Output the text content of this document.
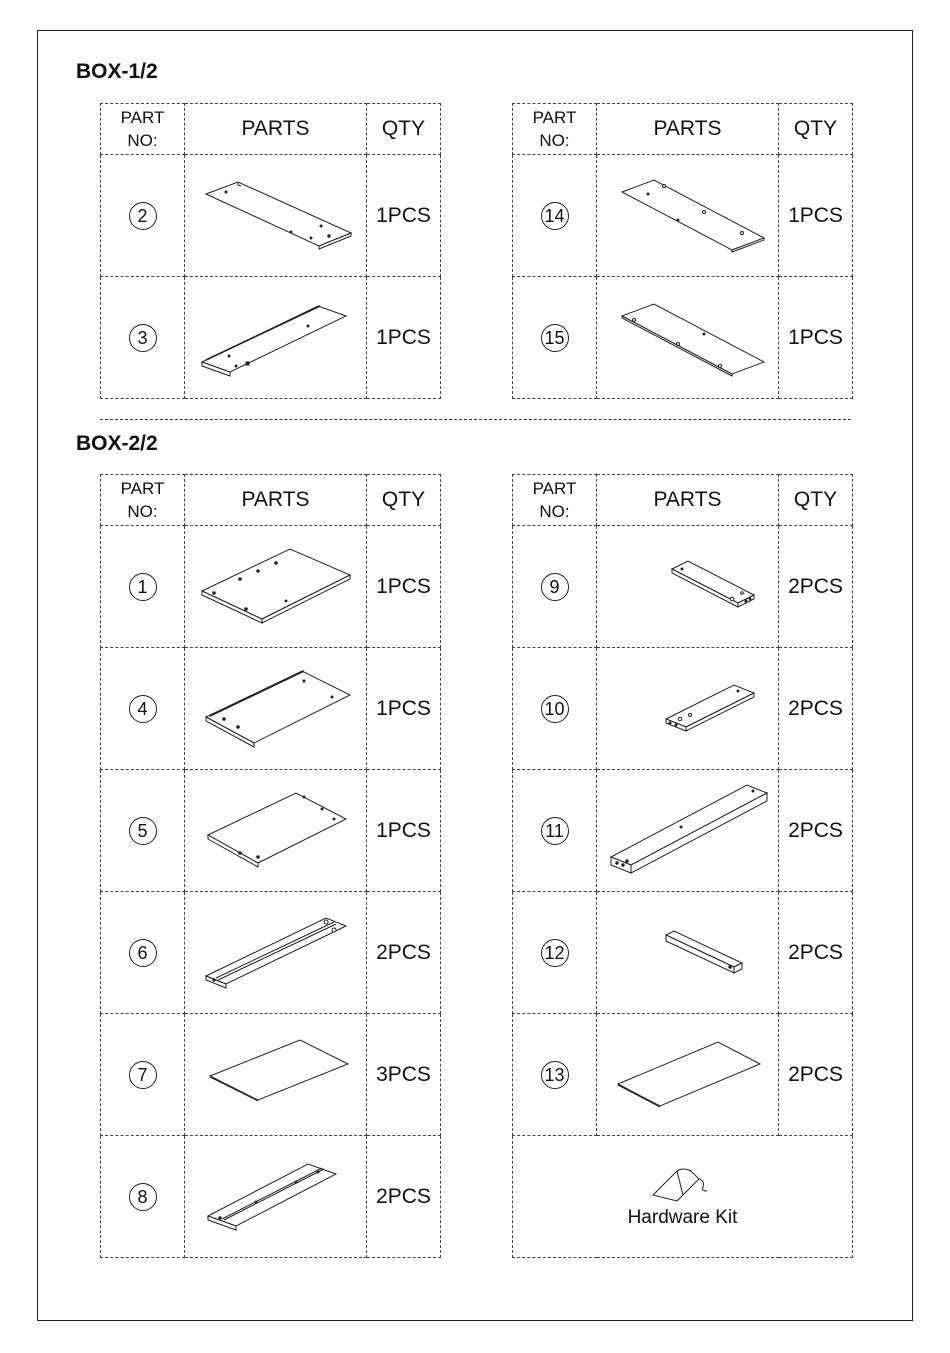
BOX-1/2
PART
NO:	PARTS	QTY
2		1PCS
3		1PCS
PART
NO:	PARTS	QTY
14		1PCS
15		1PCS
BOX-2/2
PART
NO:	PARTS	QTY
1		1PCS
4		1PCS
5		1PCS
6		2PCS
7		3PCS
8		2PCS
PART
NO:	PARTS	QTY
9		2PCS
10		2PCS
11		2PCS
12		2PCS
13		2PCS

Hardware Kit		
